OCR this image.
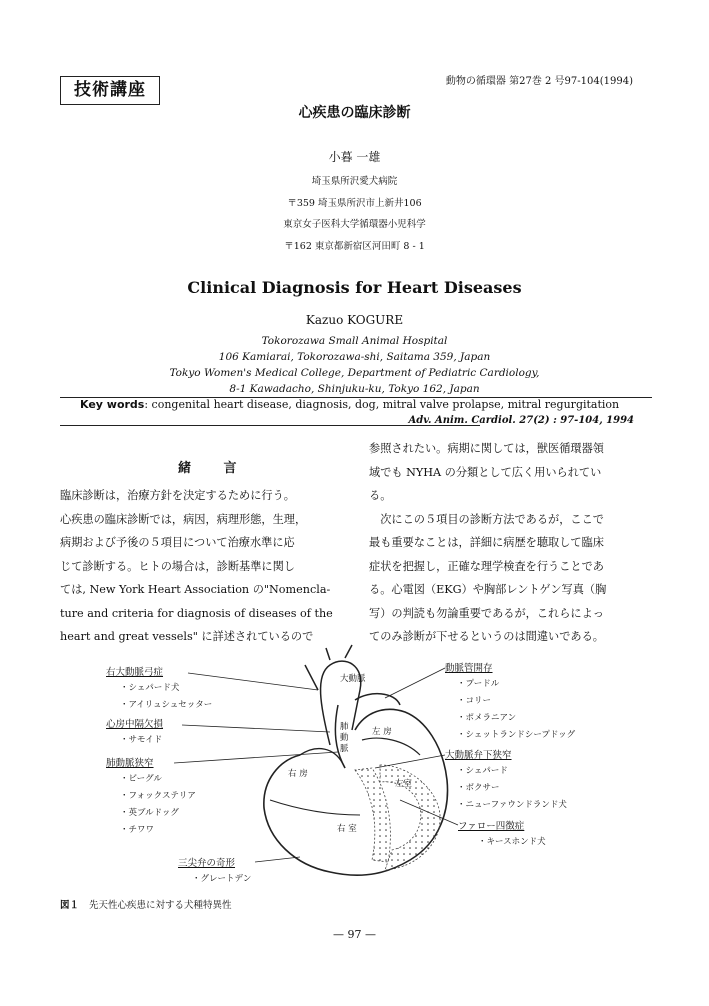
技術講座	動物の循環器 第27巻 2 号97-104(1994)
心疾患の臨床診断
小暮 一雄
埼玉県所沢愛犬病院
〒359 埼玉県所沢市上新井106
東京女子医科大学循環器小児科学
〒162 東京都新宿区河田町 8 - 1
Clinical Diagnosis for Heart Diseases
Kazuo KOGURE
Tokorozawa Small Animal Hospital
106 Kamiarai, Tokorozawa-shi, Saitama 359, Japan
Tokyo Women's Medical College, Department of Pediatric Cardiology,
8-1 Kawadacho, Shinjuku-ku, Tokyo 162, Japan
Key words: congenital heart disease, diagnosis, dog, mitral valve prolapse, mitral regurgitation
Adv. Anim. Cardiol. 27(2) : 97-104, 1994
緒 言

臨床診断は，治療方針を決定するために行う。

心疾患の臨床診断では，病因，病理形態，生理，

病期および予後の５項目について治療水準に応

じて診断する。ヒトの場合は，診断基準に関し

ては, New York Heart Association の"Nomencla-

ture and criteria for diagnosis of diseases of the

heart and great vessels" に詳述されているので

参照されたい。病期に関しては，獣医循環器領

域でも NYHA の分類として広く用いられてい

る。

　次にこの５項目の診断方法であるが，ここで

最も重要なことは，詳細に病歴を聴取して臨床

症状を把握し，正確な理学検査を行うことであ

る。心電図（EKG）や胸部レントゲン写真（胸

写）の判読も勿論重要であるが，これらによっ

てのみ診断が下せるというのは間違いである。

大動脈
肺
動
脈
左 房
右 房
左室
右 室
右大動脈弓症
・シェパード犬
・アイリュシュセッター
心房中隔欠損
・サモイド
肺動脈狭窄
・ビーグル
・フォックステリア
・英ブルドッグ
・チワワ
三尖弁の奇形
・グレートデン
動脈管開存
・プードル
・コリー
・ポメラニアン
・シェットランドシープドッグ
大動脈弁下狭窄
・シェパード
・ボクサー
・ニューファウンドランド犬
ファロー四徴症
・キースホンド犬
図１ 先天性心疾患に対する犬種特異性
— 97 —
